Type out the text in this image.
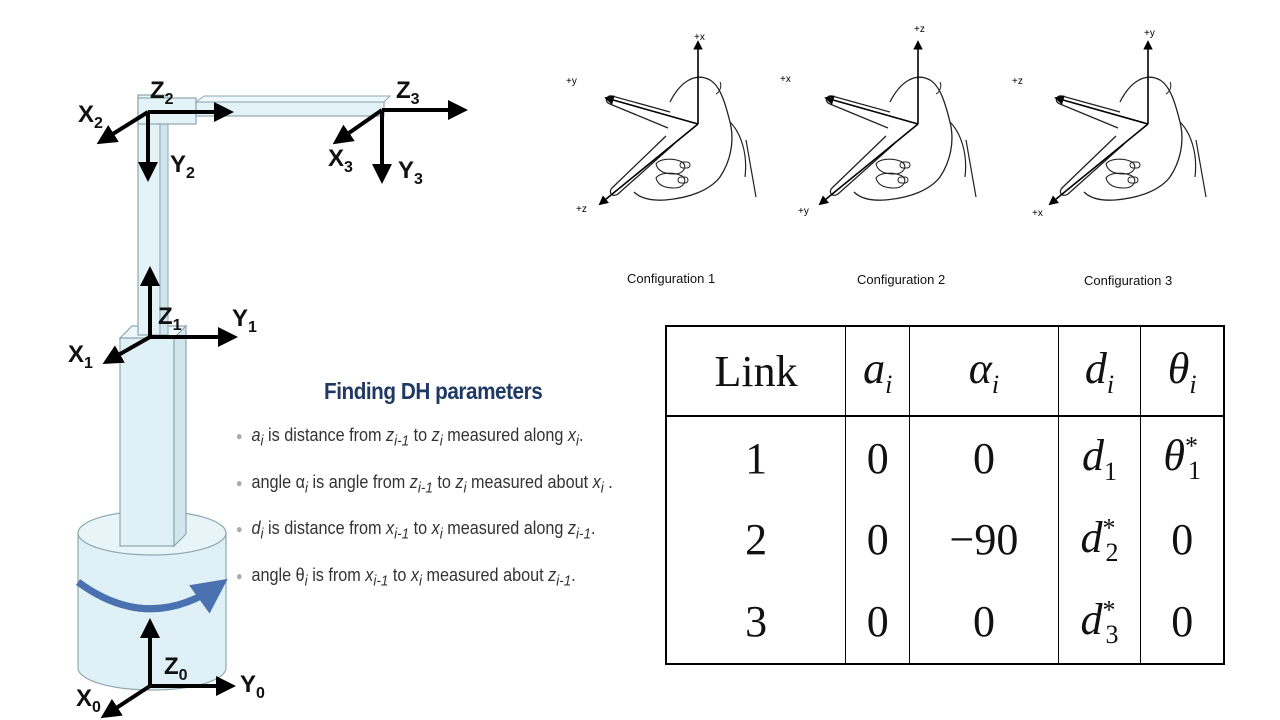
$Z_2$
$X_2$
$Y_2$
$Z_3$
$X_3$ $Y_3$
$Z_1$ $Y_1$
$X_1$
$Z_0$ $Y_0$
$X_0$
+x
+y
+z
+z
+x
+y
+y
+z
+x
Configuration 1	Configuration 2	Configuration 3
Finding DH parameters
● $a_i$ is distance from $z_{i-1}$ to $z_i$ measured along $x_i$.
● angle $\alpha_i$ is angle from $z_{i-1}$ to $z_i$ measured about $x_i$ .
● $d_i$ is distance from $x_{i-1}$ to $x_i$ measured along $z_{i-1}$.
● angle $\theta_i$ is from $x_{i-1}$ to $x_i$ measured about $z_{i-1}$.
Link	$a_i$	$\alpha_i$	$d_i$	$\theta_i$
1	0	0	$d_1$	$\theta^*_1$
2	0	−90	$d^*_2$	0
3	0	0	$d^*_3$	0
